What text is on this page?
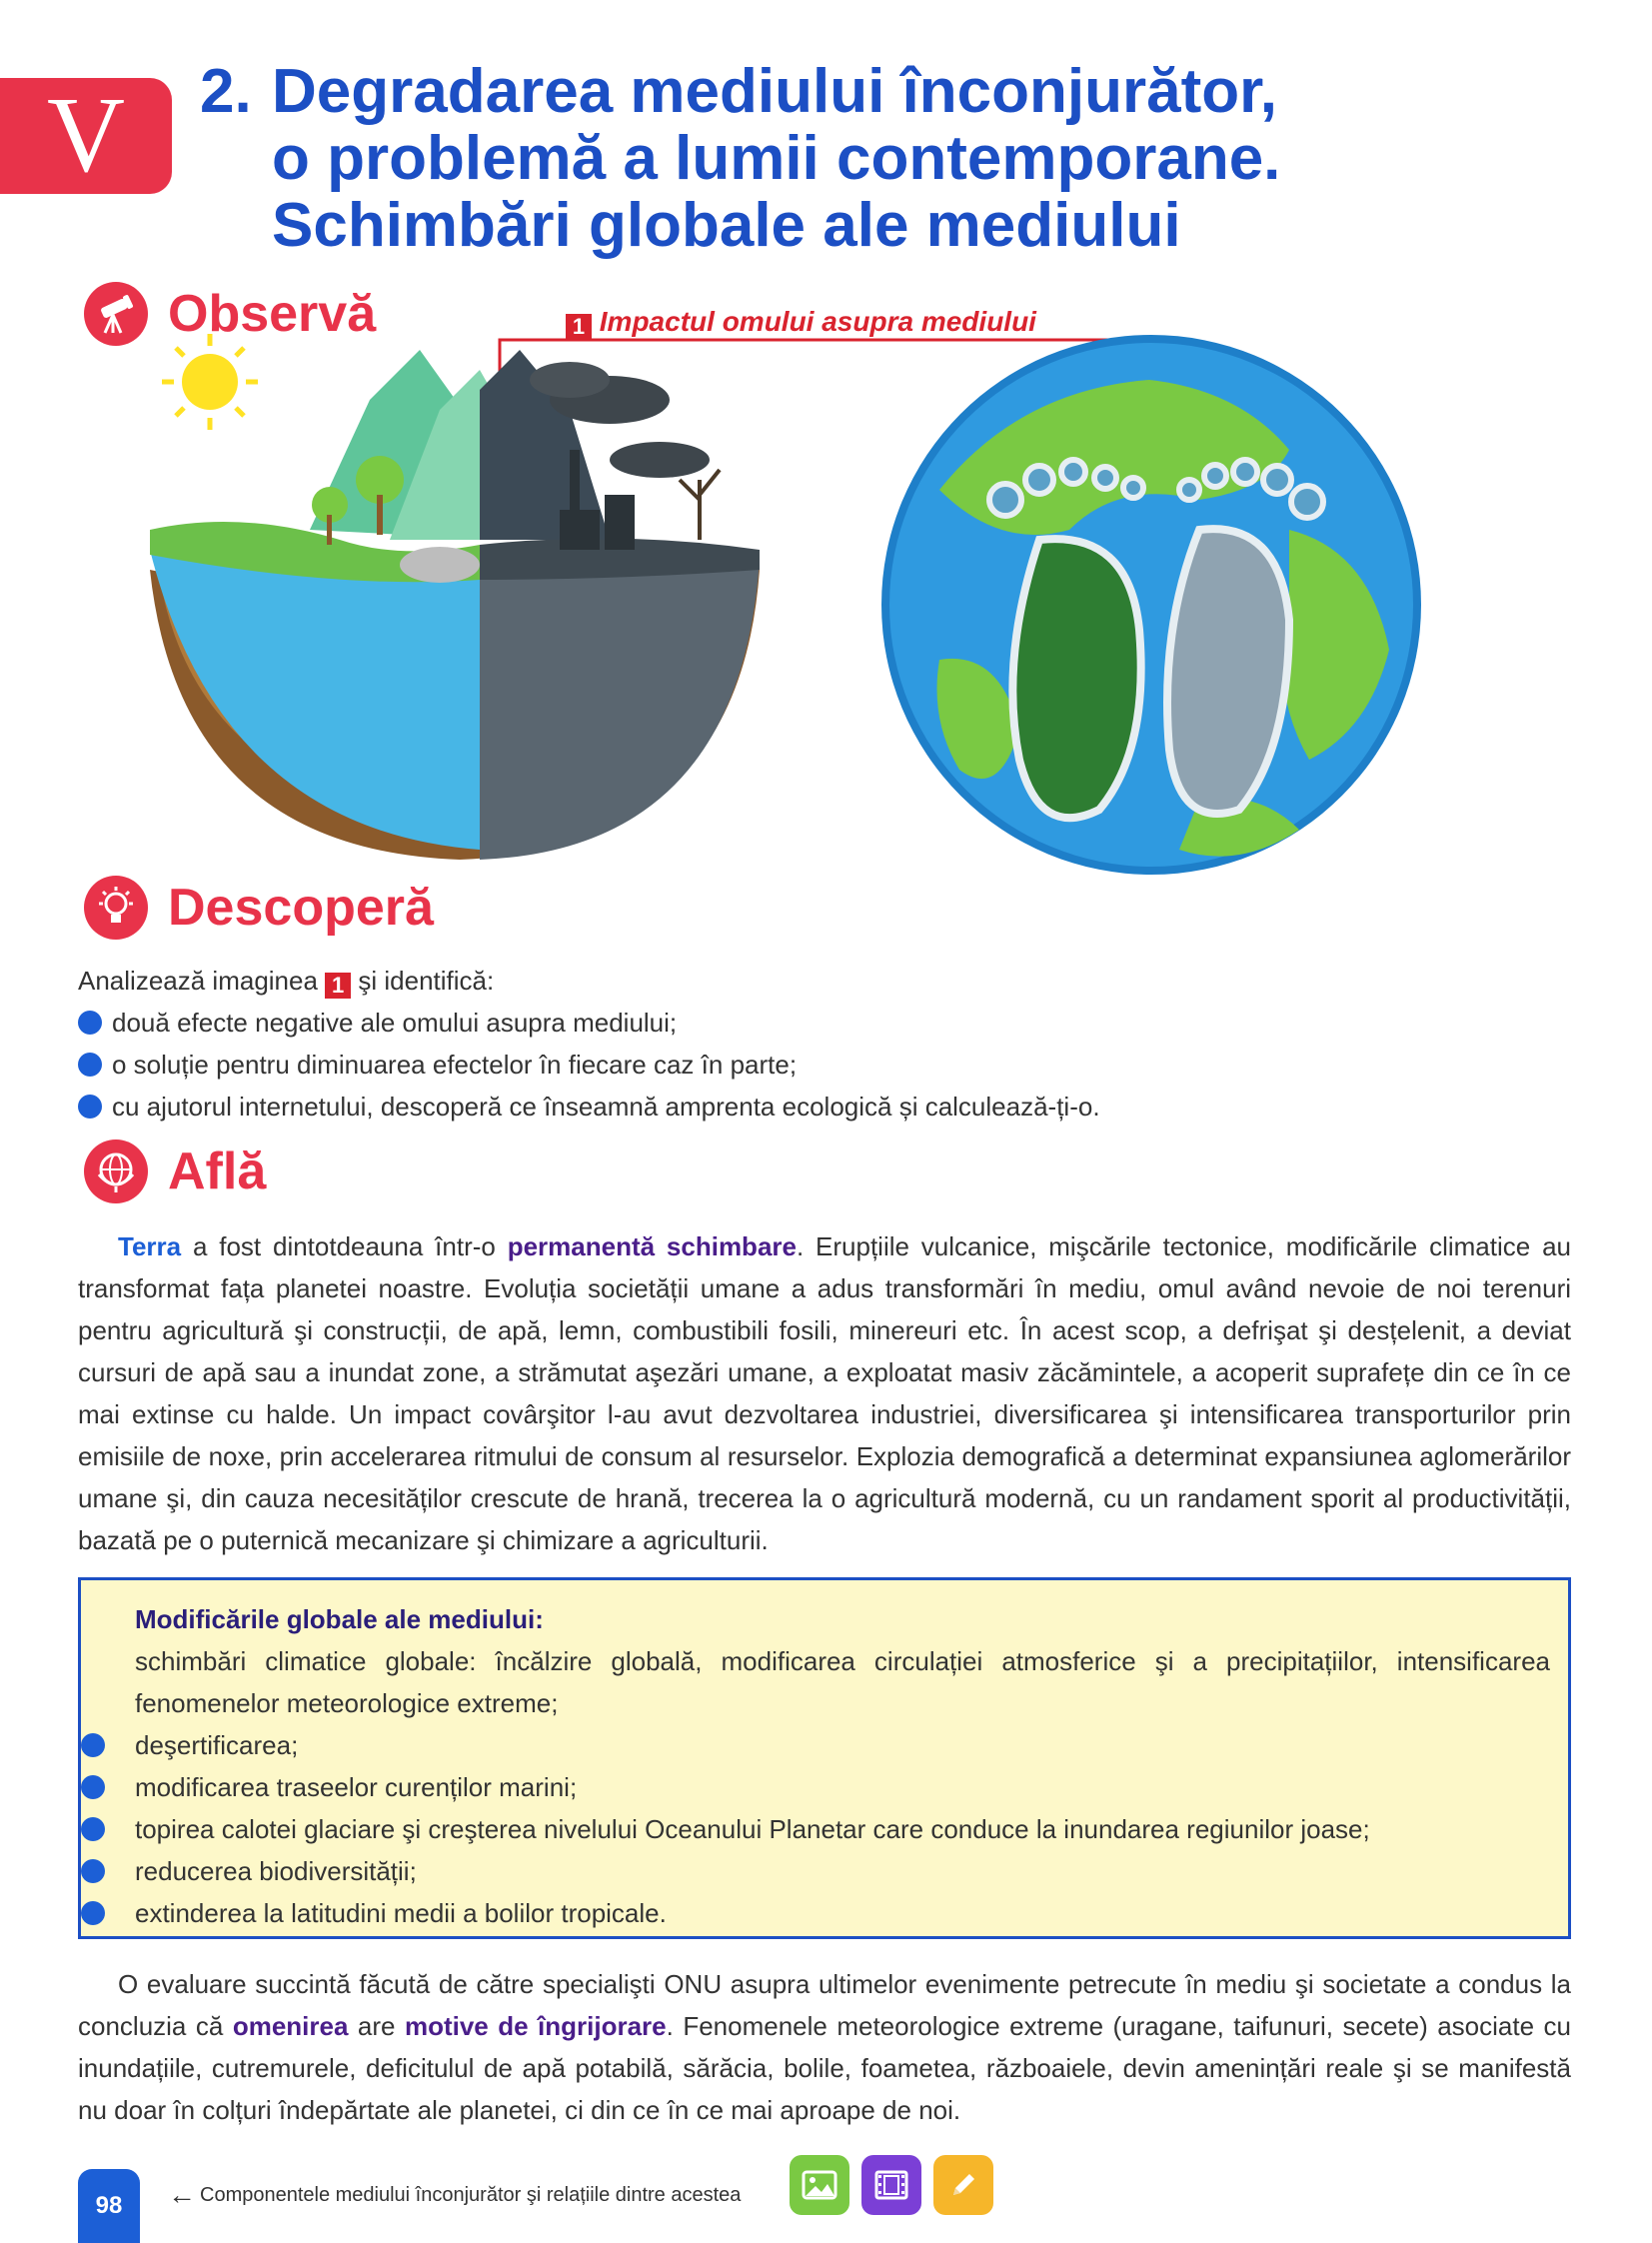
V	2. Degradarea mediului înconjurător,
o problemă a lumii contemporane.
Schimbări globale ale mediului
Observă	1 Impactul omului asupra mediului
Descoperă
Analizează imaginea 1 şi identifică:
două efecte negative ale omului asupra mediului;
o soluție pentru diminuarea efectelor în fiecare caz în parte;
cu ajutorul internetului, descoperă ce înseamnă amprenta ecologică și calculează-ți-o.
Află
Terra a fost dintotdeauna într-o permanentă schimbare. Erupțiile vulcanice, mişcările tectonice, modificările climatice au transformat fața planetei noastre. Evoluția societății umane a adus transformări în mediu, omul având nevoie de noi terenuri pentru agricultură şi construcții, de apă, lemn, combustibili fosili, minereuri etc. În acest scop, a defrişat şi desțelenit, a deviat cursuri de apă sau a inundat zone, a strămutat aşezări umane, a exploatat masiv zăcămintele, a acoperit suprafețe din ce în ce mai extinse cu halde. Un impact covârşitor l-au avut dezvoltarea industriei, diversificarea şi intensificarea transporturilor prin emisiile de noxe, prin accelerarea ritmului de consum al resurselor. Explozia demografică a determinat expansiunea aglomerărilor umane şi, din cauza necesităților crescute de hrană, trecerea la o agricultură modernă, cu un randament sporit al productivității, bazată pe o puternică mecanizare şi chimizare a agriculturii.
Modificările globale ale mediului:
schimbări climatice globale: încălzire globală, modificarea circulației atmosferice şi a precipitațiilor, intensificarea fenomenelor meteorologice extreme;
deşertificarea;
modificarea traseelor curenților marini;
topirea calotei glaciare şi creşterea nivelului Oceanului Planetar care conduce la inundarea regiunilor joase;
reducerea biodiversității;
extinderea la latitudini medii a bolilor tropicale.
O evaluare succintă făcută de către specialişti ONU asupra ultimelor evenimente petrecute în mediu şi societate a condus la concluzia că omenirea are motive de îngrijorare. Fenomenele meteorologice extreme (uragane, taifunuri, secete) asociate cu inundațiile, cutremurele, deficitulul de apă potabilă, sărăcia, bolile, foametea, războaiele, devin amenințări reale şi se manifestă nu doar în colțuri îndepărtate ale planetei, ci din ce în ce mai aproape de noi.
98	← Componentele mediului înconjurător şi relațiile dintre acestea
